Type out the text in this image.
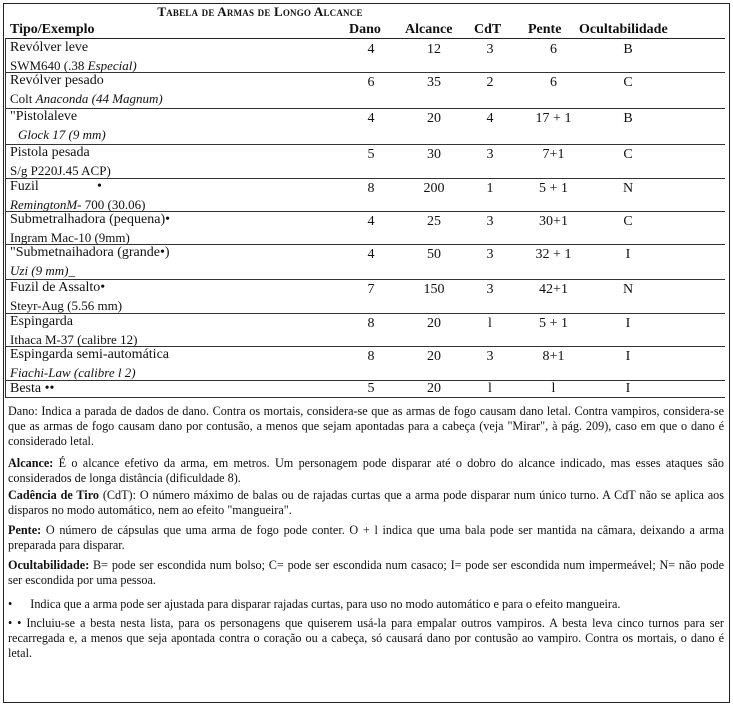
Tabela de Armas de Longo Alcance
Tipo/Exemplo	Dano Alcance CdT Pente Ocultabilidade
Revólver leve
SWM640 (.38 Especial)
4	12	3	6	B
Revólver pesado
Colt Anaconda (44 Magnum)
6	35	2	6	C
"Pistolaleve
Glock 17 (9 mm)
4	20	4	17 + 1	B
Pistola pesada
S/g P220J.45 ACP)
5	30	3	7+1	C
Fuzil	•
RemingtonM- 700 (30.06)
8	200	1	5 + 1	N
Submetralhadora (pequena)•
Ingram Mac-10 (9mm)
4	25	3	30+1	C
"Submetnaihadora (grande•)
Uzi (9 mm)_
4	50	3	32 + 1	I
Fuzil de Assalto•
Steyr-Aug (5.56 mm)
7	150	3	42+1	N
Espingarda
Ithaca M-37 (calibre 12)
8	20	l	5 + 1	I
Espingarda semi-automática
Fiachi-Law (calibre l 2)
8	20	3	8+1	I
Besta ••	5	20	l	l	I

Dano: Indica a parada de dados de dano. Contra os mortais, considera-se que as armas de fogo causam dano letal. Contra vampiros, considera-se que as armas de fogo causam dano por contusão, a menos que sejam apontadas para a cabeça (veja "Mirar", à pág. 209), caso em que o dano é considerado letal.

Alcance: É o alcance efetivo da arma, em metros. Um personagem pode disparar até o dobro do alcance indicado, mas esses ataques são considerados de longa distância (dificuldade 8).

Cadência de Tiro (CdT): O número máximo de balas ou de rajadas curtas que a arma pode disparar num único turno. A CdT não se aplica aos disparos no modo automático, nem ao efeito "mangueira".

Pente: O número de cápsulas que uma arma de fogo pode conter. O + l indica que uma bala pode ser mantida na câmara, deixando a arma preparada para disparar.

Ocultabilidade: B= pode ser escondida num bolso; C= pode ser escondida num casaco; I= pode ser escondida num impermeável; N= não pode ser escondida por uma pessoa.

• Indica que a arma pode ser ajustada para disparar rajadas curtas, para uso no modo automático e para o efeito mangueira.

• • Incluiu-se a besta nesta lista, para os personagens que quiserem usá-la para empalar outros vampiros. A besta leva cinco turnos para ser recarregada e, a menos que seja apontada contra o coração ou a cabeça, só causará dano por contusão ao vampiro. Contra os mortais, o dano é letal.
